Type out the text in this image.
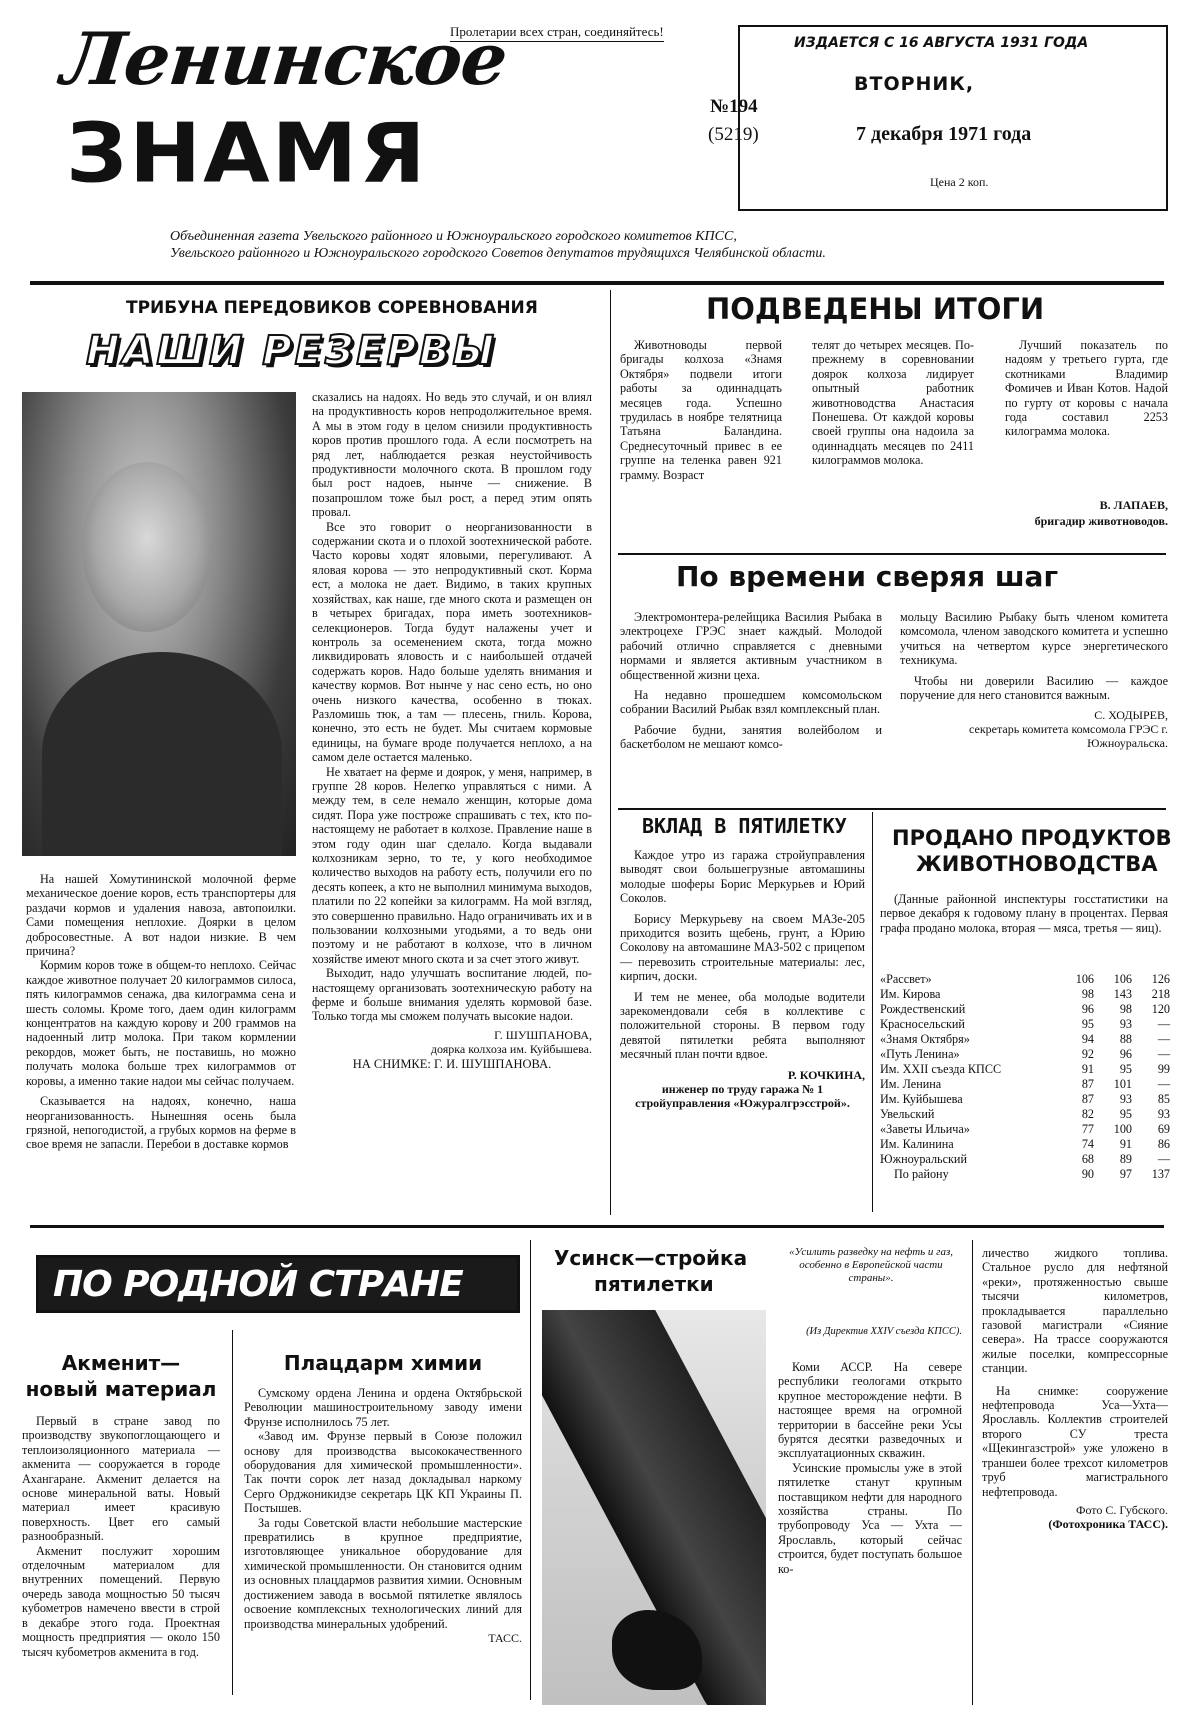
Пролетарии всех стран, соединяйтесь!
Ленинское
ЗНАМЯ	№194
(5219)
ИЗДАЕТСЯ С 16 АВГУСТА 1931 ГОДА
ВТОРНИК,
7 декабря 1971 года
Цена 2 коп.
Объединенная газета Увельского районного и Южноуральского городского комитетов КПСС,
Увельского районного и Южноуральского городского Советов депутатов трудящихся Челябинской области.
ТРИБУНА ПЕРЕДОВИКОВ СОРЕВНОВАНИЯ
НАШИ РЕЗЕРВЫ

На нашей Хомутининской молочной ферме механическое доение коров, есть транспортеры для раздачи кормов и удаления навоза, автопоилки. Сами помещения неплохие. Доярки в целом добросовестные. А вот надои низкие. В чем причина?

Кормим коров тоже в общем-то неплохо. Сейчас каждое животное получает 20 килограммов силоса, пять килограммов сенажа, два килограмма сена и шесть соломы. Кроме того, даем один килограмм концентратов на каждую корову и 200 граммов на надоенный литр молока. При таком кормлении рекордов, может быть, не поставишь, но можно получать молока больше трех килограммов от коровы, а именно такие надои мы сейчас получаем.

Сказывается на надоях, конечно, наша неорганизованность. Нынешняя осень была грязной, непогодистой, а грубых кормов на ферме в свое время не запасли. Перебои в доставке кормов

сказались на надоях. Но ведь это случай, и он влиял на продуктивность коров непродолжительное время. А мы в этом году в целом снизили продуктивность коров против прошлого года. А если посмотреть на ряд лет, наблюдается резкая неустойчивость продуктивности молочного скота. В прошлом году был рост надоев, нынче — снижение. В позапрошлом тоже был рост, а перед этим опять провал.

Все это говорит о неорганизованности в содержании скота и о плохой зоотехнической работе. Часто коровы ходят яловыми, перегуливают. А яловая корова — это непродуктивный скот. Корма ест, а молока не дает. Видимо, в таких крупных хозяйствах, как наше, где много скота и размещен он в четырех бригадах, пора иметь зоотехников-селекционеров. Тогда будут налажены учет и контроль за осеменением скота, тогда можно ликвидировать яловость и с наибольшей отдачей содержать коров. Надо больше уделять внимания и качеству кормов. Вот нынче у нас сено есть, но оно очень низкого качества, особенно в тюках. Разломишь тюк, а там — плесень, гниль. Корова, конечно, это есть не будет. Мы считаем кормовые единицы, на бумаге вроде получается неплохо, а на самом деле остается маленько.

Не хватает на ферме и доярок, у меня, например, в группе 28 коров. Нелегко управляться с ними. А между тем, в селе немало женщин, которые дома сидят. Пора уже построже спрашивать с тех, кто по-настоящему не работает в колхозе. Правление наше в этом году один шаг сделало. Когда выдавали колхозникам зерно, то те, у кого необходимое количество выходов на работу есть, получили его по десять копеек, а кто не выполнил минимума выходов, платили по 22 копейки за килограмм. На мой взгляд, это совершенно правильно. Надо ограничивать их и в пользовании колхозными угодьями, а то ведь они поэтому и не работают в колхозе, что в личном хозяйстве имеют много скота и за счет этого живут.

Выходит, надо улучшать воспитание людей, по-настоящему организовать зоотехническую работу на ферме и больше внимания уделять кормовой базе. Только тогда мы сможем получать высокие надои.

Г. ШУШПАНОВА,
доярка колхоза им. Куйбышева.
НА СНИМКЕ: Г. И. ШУШПАНОВА.
ПОДВЕДЕНЫ ИТОГИ
Животноводы первой бригады колхоза «Знамя Октября» подвели итоги работы за одиннадцать месяцев года. Успешно трудилась в ноябре телятница Татьяна Баландина. Среднесуточный привес в ее группе на теленка равен 921 грамму. Возраст
телят до четырех месяцев. По-прежнему в соревновании доярок колхоза лидирует опытный работник животноводства Анастасия Понешева. От каждой коровы своей группы она надоила за одиннадцать месяцев по 2411 килограммов молока.
Лучший показатель по надоям у третьего гурта, где скотниками Владимир Фомичев и Иван Котов. Надой по гурту от коровы с начала года составил 2253 килограмма молока.
В. ЛАПАЕВ,
бригадир животноводов.
По времени сверяя шаг

Электромонтера-релейщика Василия Рыбака в электроцехе ГРЭС знает каждый. Молодой рабочий отлично справляется с дневными нормами и является активным участником в общественной жизни цеха.

На недавно прошедшем комсомольском собрании Василий Рыбак взял комплексный план.

Рабочие будни, занятия волейболом и баскетболом не мешают комсо-

мольцу Василию Рыбаку быть членом комитета комсомола, членом заводского комитета и успешно учиться на четвертом курсе энергетического техникума.

Чтобы ни доверили Василию — каждое поручение для него становится важным.

С. ХОДЫРЕВ,
секретарь комитета комсомола ГРЭС г. Южноуральска.
ВКЛАД В ПЯТИЛЕТКУ

Каждое утро из гаража стройуправления выводят свои большегрузные автомашины молодые шоферы Борис Меркурьев и Юрий Соколов.

Борису Меркурьеву на своем МАЗе-205 приходится возить щебень, грунт, а Юрию Соколову на автомашине МАЗ-502 с прицепом — перевозить строительные материалы: лес, кирпич, доски.

И тем не менее, оба молодые водители зарекомендовали себя в коллективе с положительной стороны. В первом году девятой пятилетки ребята выполняют месячный план почти вдвое.

Р. КОЧКИНА,
инженер по труду гаража № 1 стройуправления «Южуралгрэсстрой».
ПРОДАНО ПРОДУКТОВ
ЖИВОТНОВОДСТВА
(Данные районной инспектуры госстатистики на первое декабря к годовому плану в процентах. Первая графа продано молока, вторая — мяса, третья — яиц).
«Рассвет»	106	106	126
Им. Кирова	98	143	218
Рождественский	96	98	120
Красносельский	95	93	—
«Знамя Октября»	94	88	—
«Путь Ленина»	92	96	—
Им. XXII съезда КПСС	91	95	99
Им. Ленина	87	101	—
Им. Куйбышева	87	93	85
Увельский	82	95	93
«Заветы Ильича»	77	100	69
Им. Калинина	74	91	86
Южноуральский	68	89	—
По району	90	97	137
ПО РОДНОЙ СТРАНЕ
Акменит—
новый материал

Первый в стране завод по производству звукопоглощающего и теплоизоляционного материала — акменита — сооружается в городе Ахангаране. Акменит делается на основе минеральной ваты. Новый материал имеет красивую поверхность. Цвет его самый разнообразный.

Акменит послужит хорошим отделочным материалом для внутренних помещений. Первую очередь завода мощностью 50 тысяч кубометров намечено ввести в строй в декабре этого года. Проектная мощность предприятия — около 150 тысяч кубометров акменита в год.

Плацдарм химии

Сумскому ордена Ленина и ордена Октябрьской Революции машиностроительному заводу имени Фрунзе исполнилось 75 лет.

«Завод им. Фрунзе первый в Союзе положил основу для производства высококачественного оборудования для химической промышленности». Так почти сорок лет назад докладывал наркому Серго Орджоникидзе секретарь ЦК КП Украины П. Постышев.

За годы Советской власти небольшие мастерские превратились в крупное предприятие, изготовляющее уникальное оборудование для химической промышленности. Он становится одним из основных плацдармов развития химии. Основным достижением завода в восьмой пятилетке являлось освоение комплексных технологических линий для производства минеральных удобрений.

ТАСС.
Усинск—стройка
пятилетки
«Усилить разведку на нефть и газ, особенно в Европейской части страны».
(Из Директив XXIV съезда КПСС).

Коми АССР. На севере республики геологами открыто крупное месторождение нефти. В настоящее время на огромной территории в бассейне реки Усы бурятся десятки разведочных и эксплуатационных скважин.

Усинские промыслы уже в этой пятилетке станут крупным поставщиком нефти для народного хозяйства страны. По трубопроводу Уса — Ухта — Ярославль, который сейчас строится, будет поступать большое ко-

личество жидкого топлива. Стальное русло для нефтяной «реки», протяженностью свыше тысячи километров, прокладывается параллельно газовой магистрали «Сияние севера». На трассе сооружаются жилые поселки, компрессорные станции.

На снимке: сооружение нефтепровода Уса—Ухта—Ярославль. Коллектив строителей второго СУ треста «Щекингазстрой» уже уложено в траншеи более трехсот километров труб магистрального нефтепровода.

Фото С. Губского.
(Фотохроника ТАСС).
